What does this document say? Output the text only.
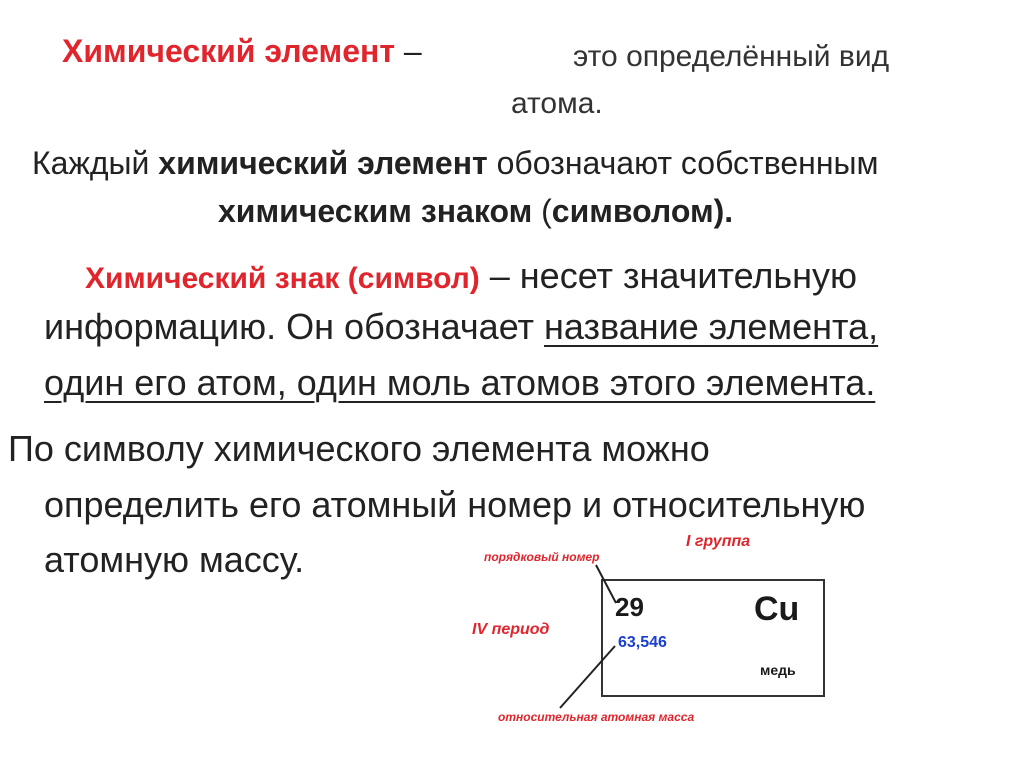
Химический элемент –	это определённый вид
атома.
Каждый химический элемент обозначают собственным
химическим знаком (символом).
Химический знак (символ) – несет значительную
информацию. Он обозначает название элемента,
один его атом, один моль атомов этого элемента.
По символу химического элемента можно
определить его атомный номер и относительную
атомную массу.	I группа
порядковый номер
IV период
29
63,546
Cu
медь
относительная атомная масса
